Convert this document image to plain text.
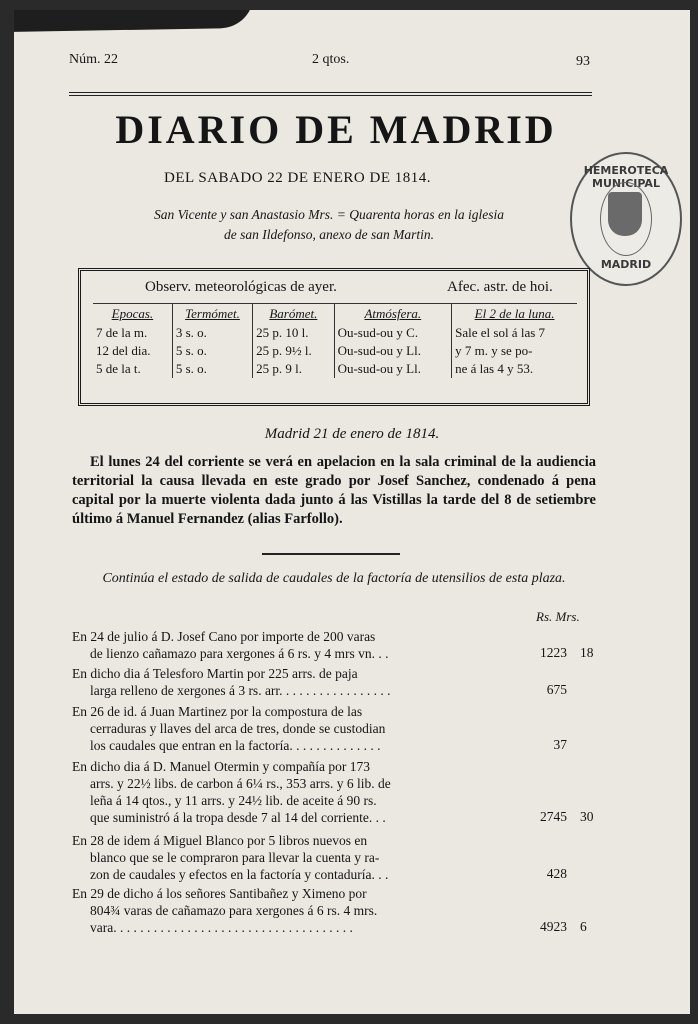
Núm. 22	2 qtos.	93
DIARIO DE MADRID
DEL SABADO 22 DE ENERO DE 1814.
San Vicente y san Anastasio Mrs. = Quarenta horas en la iglesia
de san Ildefonso, anexo de san Martin.
HEMEROTECA MUNICIPAL
MADRID
Observ. meteorológicas de ayer.	Afec. astr. de hoi.
Epocas.	Termómet.	Barómet.	Atmósfera.	El 2 de la luna.
7 de la m.	3 s. o.	25 p. 10 l.	Ou-sud-ou y C.	Sale el sol á las 7
12 del dia.	5 s. o.	25 p. 9½ l.	Ou-sud-ou y Ll.	y 7 m. y se po-
5 de la t.	5 s. o.	25 p. 9 l.	Ou-sud-ou y Ll.	ne á las 4 y 53.
Madrid 21 de enero de 1814.
El lunes 24 del corriente se verá en apelacion en la sala criminal de la audiencia territorial la causa llevada en este grado por Josef Sanchez, condenado á pena capital por la muerte violenta dada junto á las Vistillas la tarde del 8 de setiembre último á Manuel Fernandez (alias Farfollo).
Continúa el estado de salida de caudales de la factoría de utensilios de esta plaza.
Rs. Mrs.
En 24 de julio á D. Josef Cano por importe de 200 varas
de lienzo cañamazo para xergones á 6 rs. y 4 mrs vn. . .	1223 18
En dicho dia á Telesforo Martin por 225 arrs. de paja
larga relleno de xergones á 3 rs. arr. . . . . . . . . . . . . . . . .	675
En 26 de id. á Juan Martinez por la compostura de las
cerraduras y llaves del arca de tres, donde se custodian
los caudales que entran en la factoría. . . . . . . . . . . . . .	37
En dicho dia á D. Manuel Otermin y compañía por 173
arrs. y 22½ libs. de carbon á 6¼ rs., 353 arrs. y 6 lib. de
leña á 14 qtos., y 11 arrs. y 24½ lib. de aceite á 90 rs.
que suministró á la tropa desde 7 al 14 del corriente. . .	2745 30
En 28 de idem á Miguel Blanco por 5 libros nuevos en
blanco que se le compraron para llevar la cuenta y ra-
zon de caudales y efectos en la factoría y contaduría. . .	428
En 29 de dicho á los señores Santibañez y Ximeno por
804¾ varas de cañamazo para xergones á 6 rs. 4 mrs.
vara. . . . . . . . . . . . . . . . . . . . . . . . . . . . . . . . . . . .	4923 6
